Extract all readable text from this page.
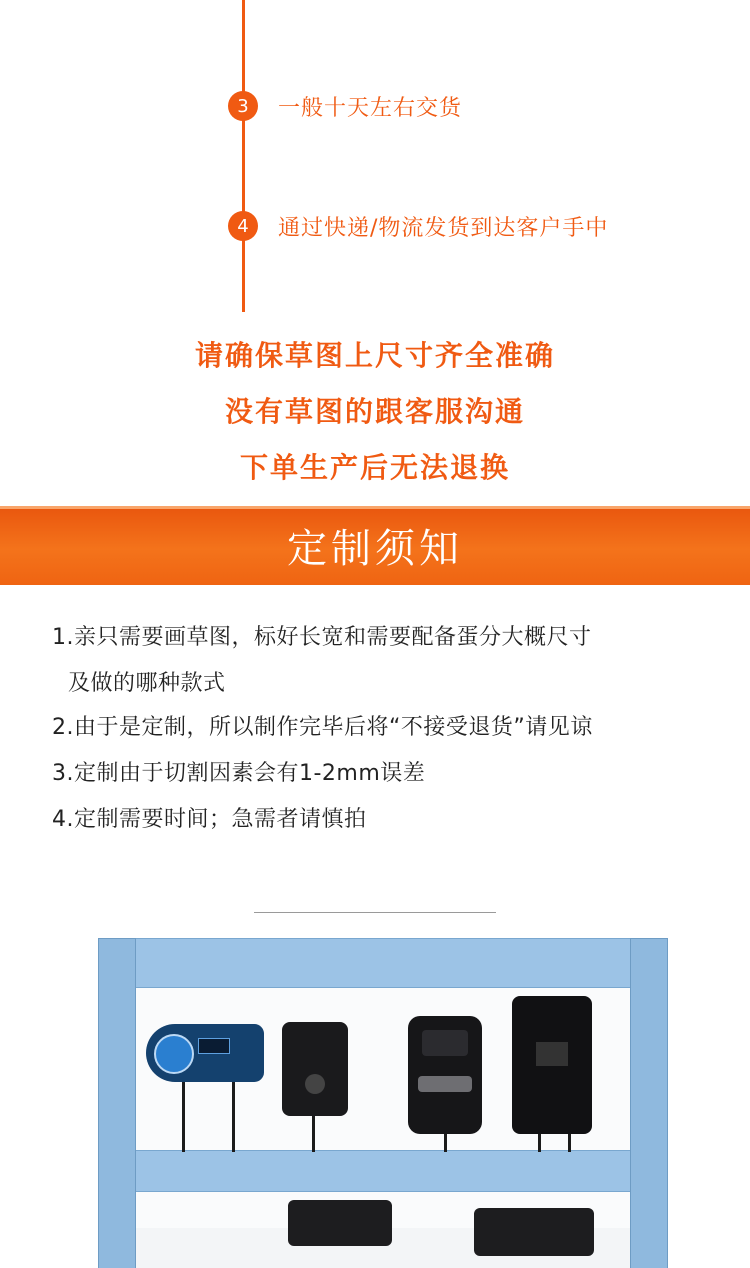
3	一般十天左右交货
4	通过快递/物流发货到达客户手中
请确保草图上尺寸齐全准确
没有草图的跟客服沟通
下单生产后无法退换
定制须知
1.亲只需要画草图，标好长宽和需要配备蛋分大概尺寸
及做的哪种款式
2.由于是定制，所以制作完毕后将“不接受退货”请见谅
3.定制由于切割因素会有1-2mm误差
4.定制需要时间；急需者请慎拍
